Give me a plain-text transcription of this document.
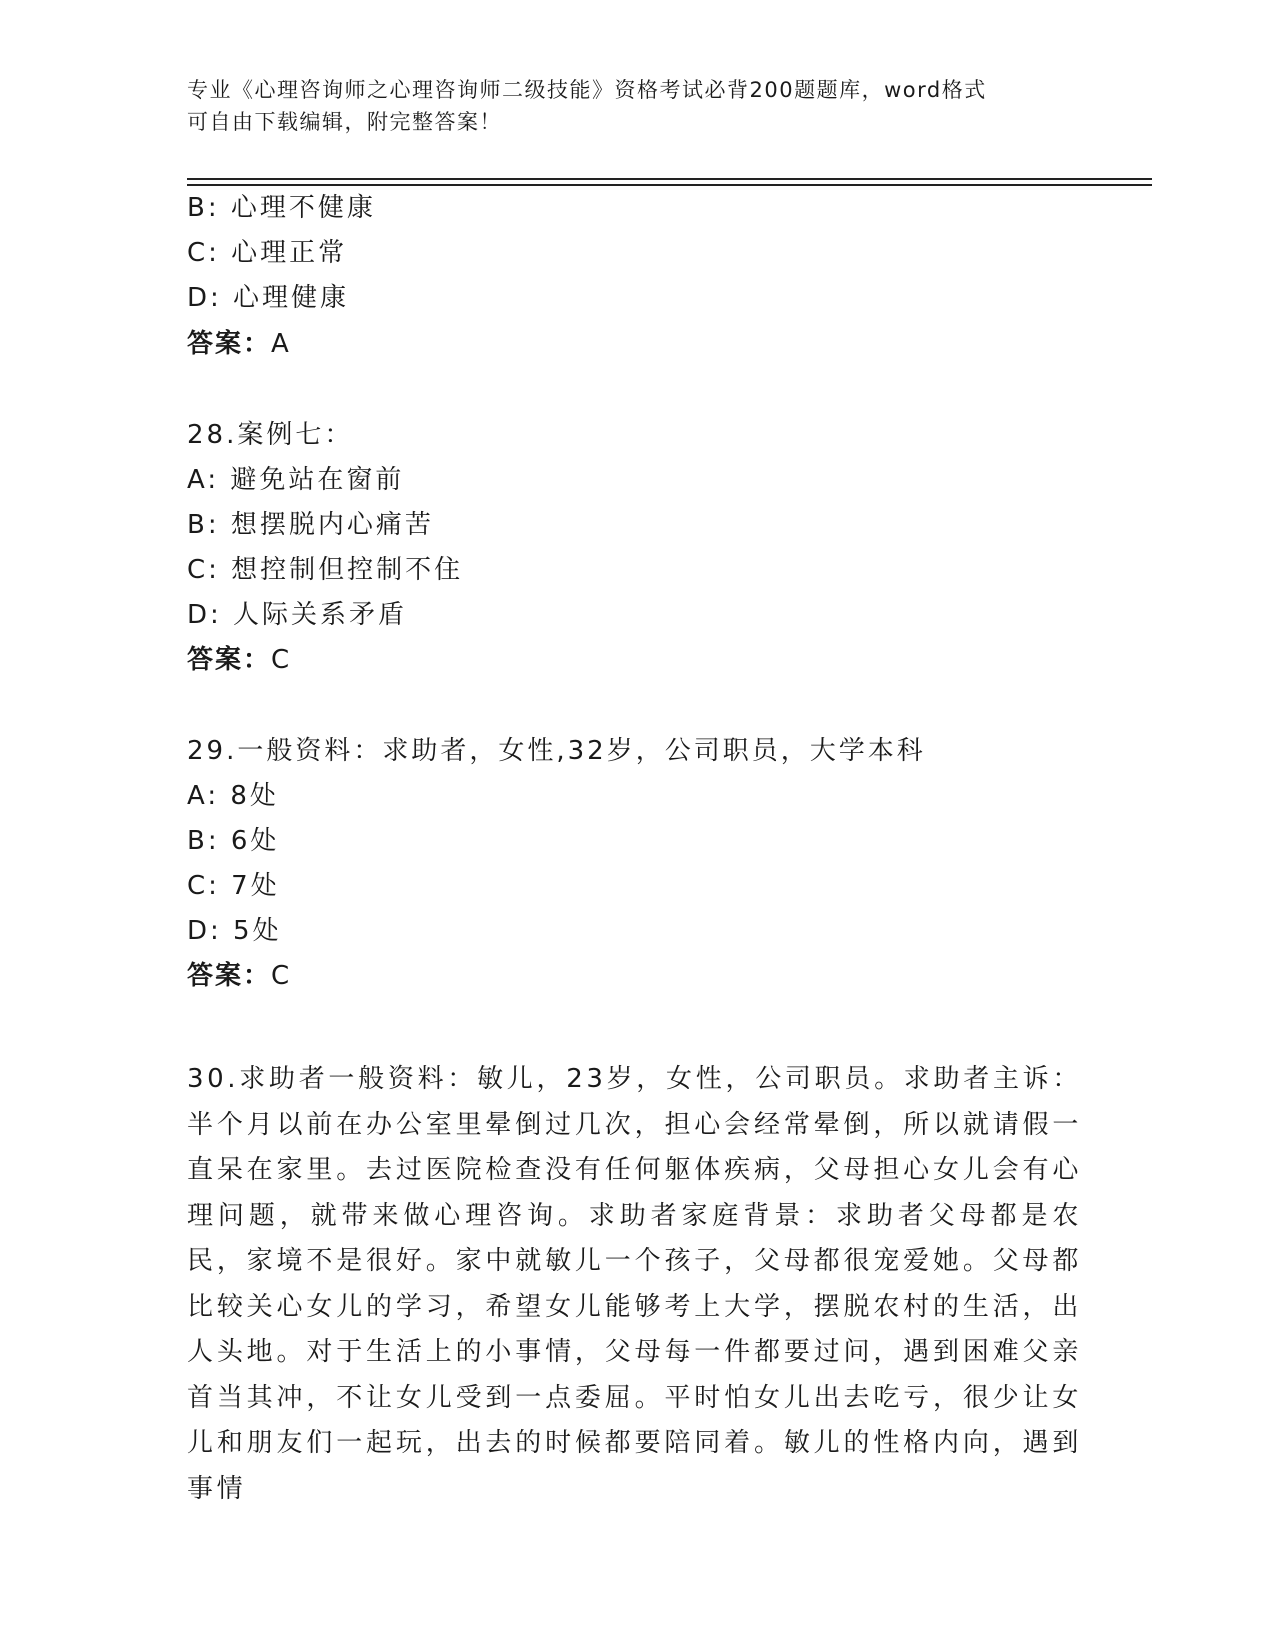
专业《心理咨询师之心理咨询师二级技能》资格考试必背200题题库，word格式
可自由下载编辑，附完整答案！
B: 心理不健康
C: 心理正常
D: 心理健康
答案：A
28.案例七：
A: 避免站在窗前
B: 想摆脱内心痛苦
C: 想控制但控制不住
D: 人际关系矛盾
答案：C
29.一般资料：求助者，女性,32岁，公司职员，大学本科
A: 8处
B: 6处
C: 7处
D: 5处
答案：C
30.求助者一般资料：敏儿，23岁，女性，公司职员。求助者主诉：半个月以前在办公室里晕倒过几次，担心会经常晕倒，所以就请假一直呆在家里。去过医院检查没有任何躯体疾病，父母担心女儿会有心理问题，就带来做心理咨询。求助者家庭背景：求助者父母都是农民，家境不是很好。家中就敏儿一个孩子，父母都很宠爱她。父母都比较关心女儿的学习，希望女儿能够考上大学，摆脱农村的生活，出人头地。对于生活上的小事情，父母每一件都要过问，遇到困难父亲首当其冲，不让女儿受到一点委屈。平时怕女儿出去吃亏，很少让女儿和朋友们一起玩，出去的时候都要陪同着。敏儿的性格内向，遇到事情
